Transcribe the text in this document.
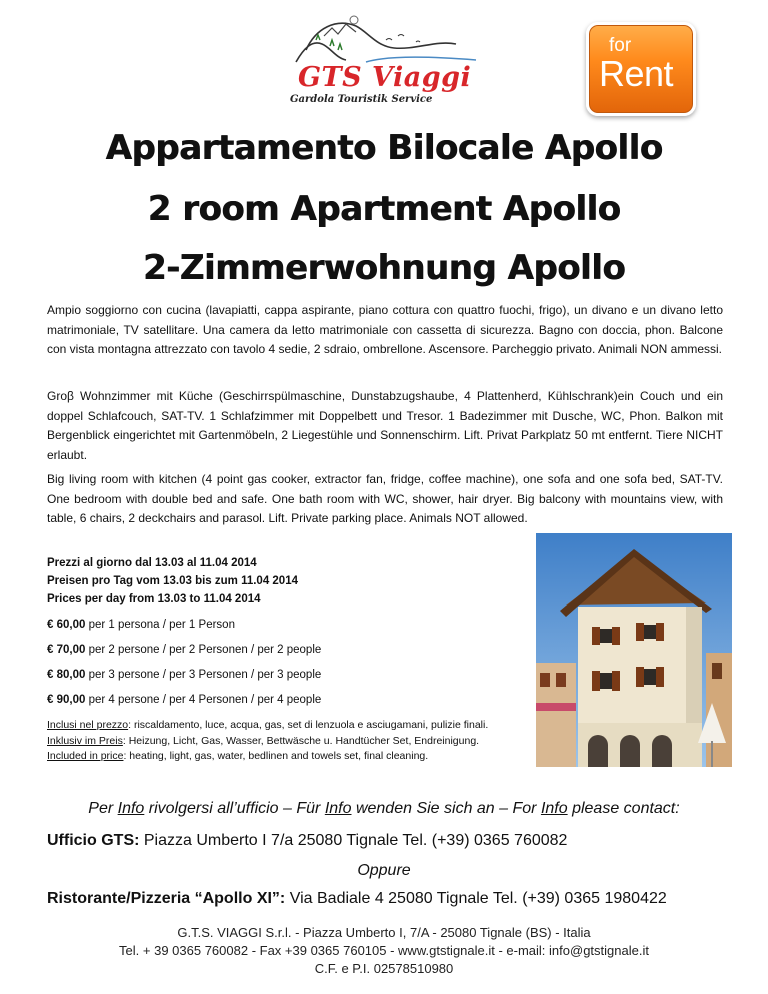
GTS Viaggi
Gardola Touristik Service
for
Rent
Appartamento Bilocale Apollo
2 room Apartment Apollo
2-Zimmerwohnung Apollo
Ampio soggiorno con cucina (lavapiatti, cappa aspirante, piano cottura con quattro fuochi, frigo), un divano e un divano letto matrimoniale, TV satellitare. Una camera da letto matrimoniale con cassetta di sicurezza. Bagno con doccia, phon. Balcone con vista montagna attrezzato con tavolo 4 sedie, 2 sdraio, ombrellone. Ascensore. Parcheggio privato. Animali NON ammessi.
Groβ Wohnzimmer mit Küche (Geschirrspülmaschine, Dunstabzugshaube, 4 Plattenherd, Kühlschrank)ein Couch und ein doppel Schlafcouch, SAT-TV. 1 Schlafzimmer mit Doppelbett und Tresor. 1 Badezimmer mit Dusche, WC, Phon. Balkon mit Bergenblick eingerichtet mit Gartenmöbeln, 2 Liegestühle und Sonnenschirm. Lift. Privat Parkplatz 50 mt entfernt. Tiere NICHT erlaubt.
Big living room with kitchen (4 point gas cooker, extractor fan, fridge, coffee machine), one sofa and one sofa bed, SAT-TV. One bedroom with double bed and safe. One bath room with WC, shower, hair dryer. Big balcony with mountains view, with table, 6 chairs, 2 deckchairs and parasol. Lift. Private parking place. Animals NOT allowed.
Prezzi al giorno dal 13.03 al 11.04 2014
Preisen pro Tag vom 13.03 bis zum 11.04 2014
Prices per day from 13.03 to 11.04 2014
€ 60,00 per 1 persona / per 1 Person
€ 70,00 per 2 persone / per 2 Personen / per 2 people
€ 80,00 per 3 persone / per 3 Personen / per 3 people
€ 90,00 per 4 persone / per 4 Personen / per 4 people
Inclusi nel prezzo: riscaldamento, luce, acqua, gas, set di lenzuola e asciugamani, pulizie finali.
Inklusiv im Preis: Heizung, Licht, Gas, Wasser, Bettwäsche u. Handtücher Set, Endreinigung.
Included in price: heating, light, gas, water, bedlinen and towels set, final cleaning.
Per Info rivolgersi all’ufficio – Für Info wenden Sie sich an – For Info please contact:
Ufficio GTS: Piazza Umberto I 7/a 25080 Tignale Tel. (+39) 0365 760082
Oppure
Ristorante/Pizzeria “Apollo XI”: Via Badiale 4 25080 Tignale Tel. (+39) 0365 1980422
G.T.S. VIAGGI S.r.l. - Piazza Umberto I, 7/A - 25080 Tignale (BS) - Italia
Tel. + 39 0365 760082 - Fax +39 0365 760105 - www.gtstignale.it - e-mail: info@gtstignale.it
C.F. e P.I. 02578510980
